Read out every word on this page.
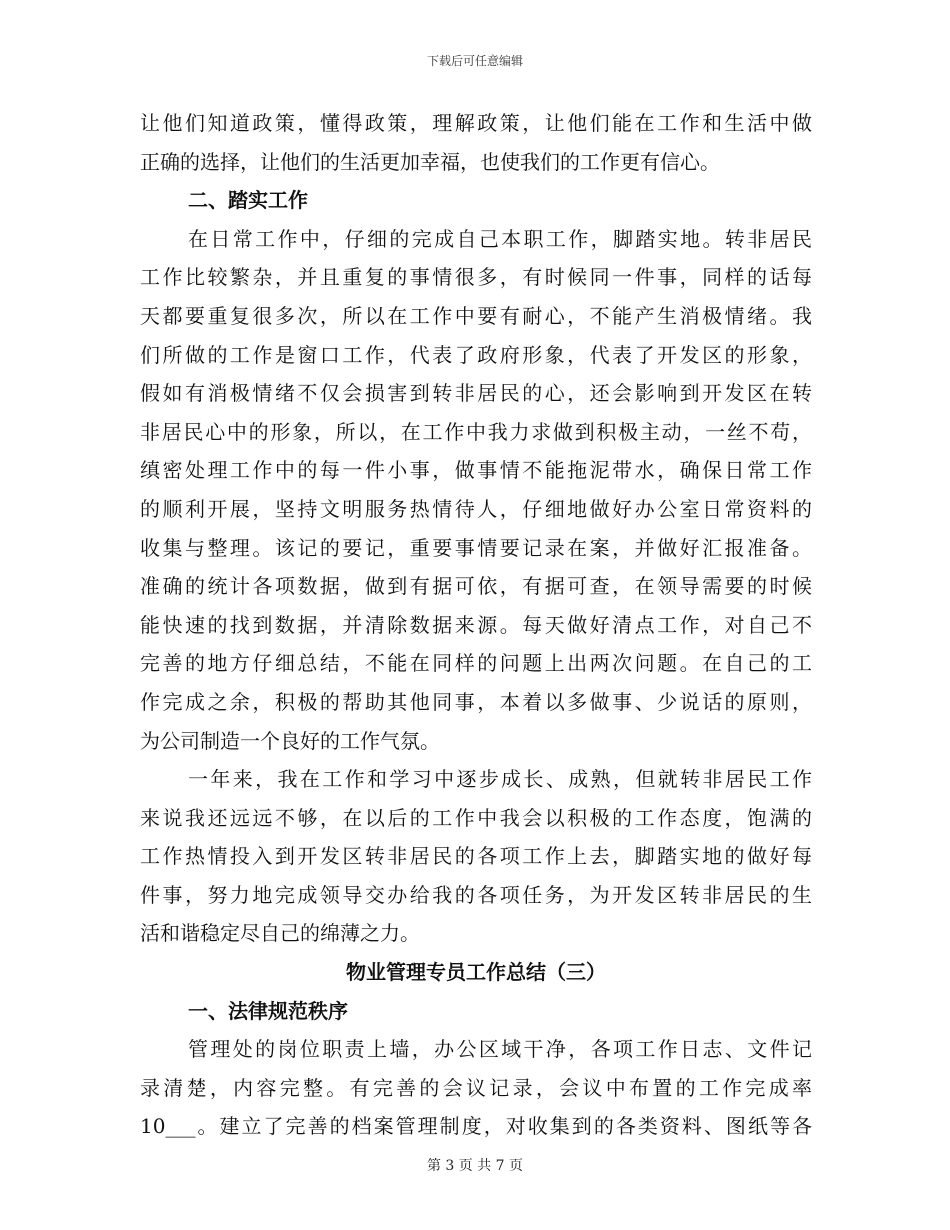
下载后可任意编辑
让他们知道政策，懂得政策，理解政策，让他们能在工作和生活中做
正确的选择，让他们的生活更加幸福，也使我们的工作更有信心。
二、踏实工作
在日常工作中，仔细的完成自己本职工作，脚踏实地。转非居民
工作比较繁杂，并且重复的事情很多，有时候同一件事，同样的话每
天都要重复很多次，所以在工作中要有耐心，不能产生消极情绪。我
们所做的工作是窗口工作，代表了政府形象，代表了开发区的形象，
假如有消极情绪不仅会损害到转非居民的心，还会影响到开发区在转
非居民心中的形象，所以，在工作中我力求做到积极主动，一丝不苟，
缜密处理工作中的每一件小事，做事情不能拖泥带水，确保日常工作
的顺利开展，坚持文明服务热情待人，仔细地做好办公室日常资料的
收集与整理。该记的要记，重要事情要记录在案，并做好汇报准备。
准确的统计各项数据，做到有据可依，有据可查，在领导需要的时候
能快速的找到数据，并清除数据来源。每天做好清点工作，对自己不
完善的地方仔细总结，不能在同样的问题上出两次问题。在自己的工
作完成之余，积极的帮助其他同事，本着以多做事、少说话的原则，
为公司制造一个良好的工作气氛。
一年来，我在工作和学习中逐步成长、成熟，但就转非居民工作
来说我还远远不够，在以后的工作中我会以积极的工作态度，饱满的
工作热情投入到开发区转非居民的各项工作上去，脚踏实地的做好每
件事，努力地完成领导交办给我的各项任务，为开发区转非居民的生
活和谐稳定尽自己的绵薄之力。
物业管理专员工作总结（三）
一、法律规范秩序
管理处的岗位职责上墙，办公区域干净，各项工作日志、文件记
录清楚，内容完整。有完善的会议记录，会议中布置的工作完成率
10___。建立了完善的档案管理制度，对收集到的各类资料、图纸等各
第 3 页 共 7 页
